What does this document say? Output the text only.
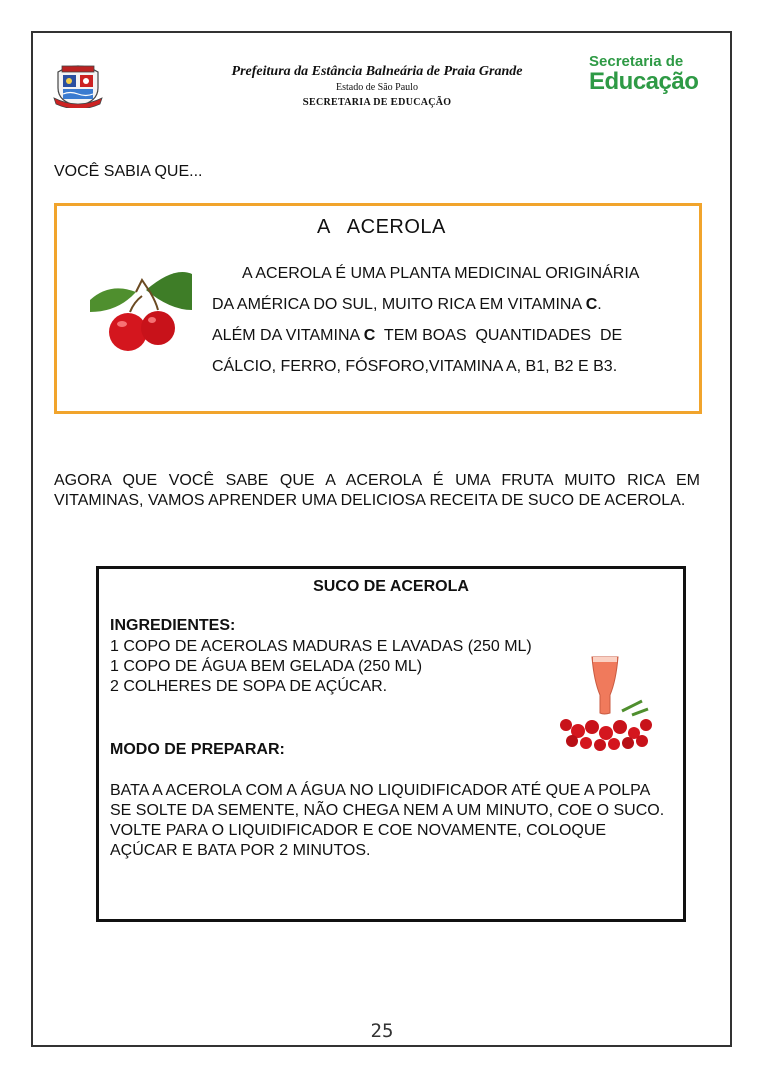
Prefeitura da Estância Balneária de Praia Grande
Estado de São Paulo
SECRETARIA DE EDUCAÇÃO
Secretaria de
Educação
VOCÊ SABIA QUE...
A   ACEROLA
A ACEROLA É UMA PLANTA MEDICINAL ORIGINÁRIA
DA AMÉRICA DO SUL, MUITO RICA EM VITAMINA C.
ALÉM DA VITAMINA C  TEM BOAS  QUANTIDADES  DE
CÁLCIO, FERRO, FÓSFORO,VITAMINA A, B1, B2 E B3.
AGORA QUE VOCÊ SABE QUE A ACEROLA É UMA FRUTA MUITO RICA EM VITAMINAS, VAMOS APRENDER UMA DELICIOSA RECEITA DE SUCO DE ACEROLA.
SUCO DE ACEROLA
INGREDIENTES:
1 COPO DE ACEROLAS MADURAS E LAVADAS (250 ML)
1 COPO DE ÁGUA BEM GELADA (250 ML)
2 COLHERES DE SOPA DE AÇÚCAR.
MODO DE PREPARAR:
BATA A ACEROLA COM A ÁGUA NO LIQUIDIFICADOR ATÉ QUE A POLPA SE SOLTE DA SEMENTE, NÃO CHEGA NEM A UM MINUTO, COE O SUCO.
VOLTE PARA O LIQUIDIFICADOR E COE NOVAMENTE, COLOQUE AÇÚCAR E BATA POR 2 MINUTOS.
25
